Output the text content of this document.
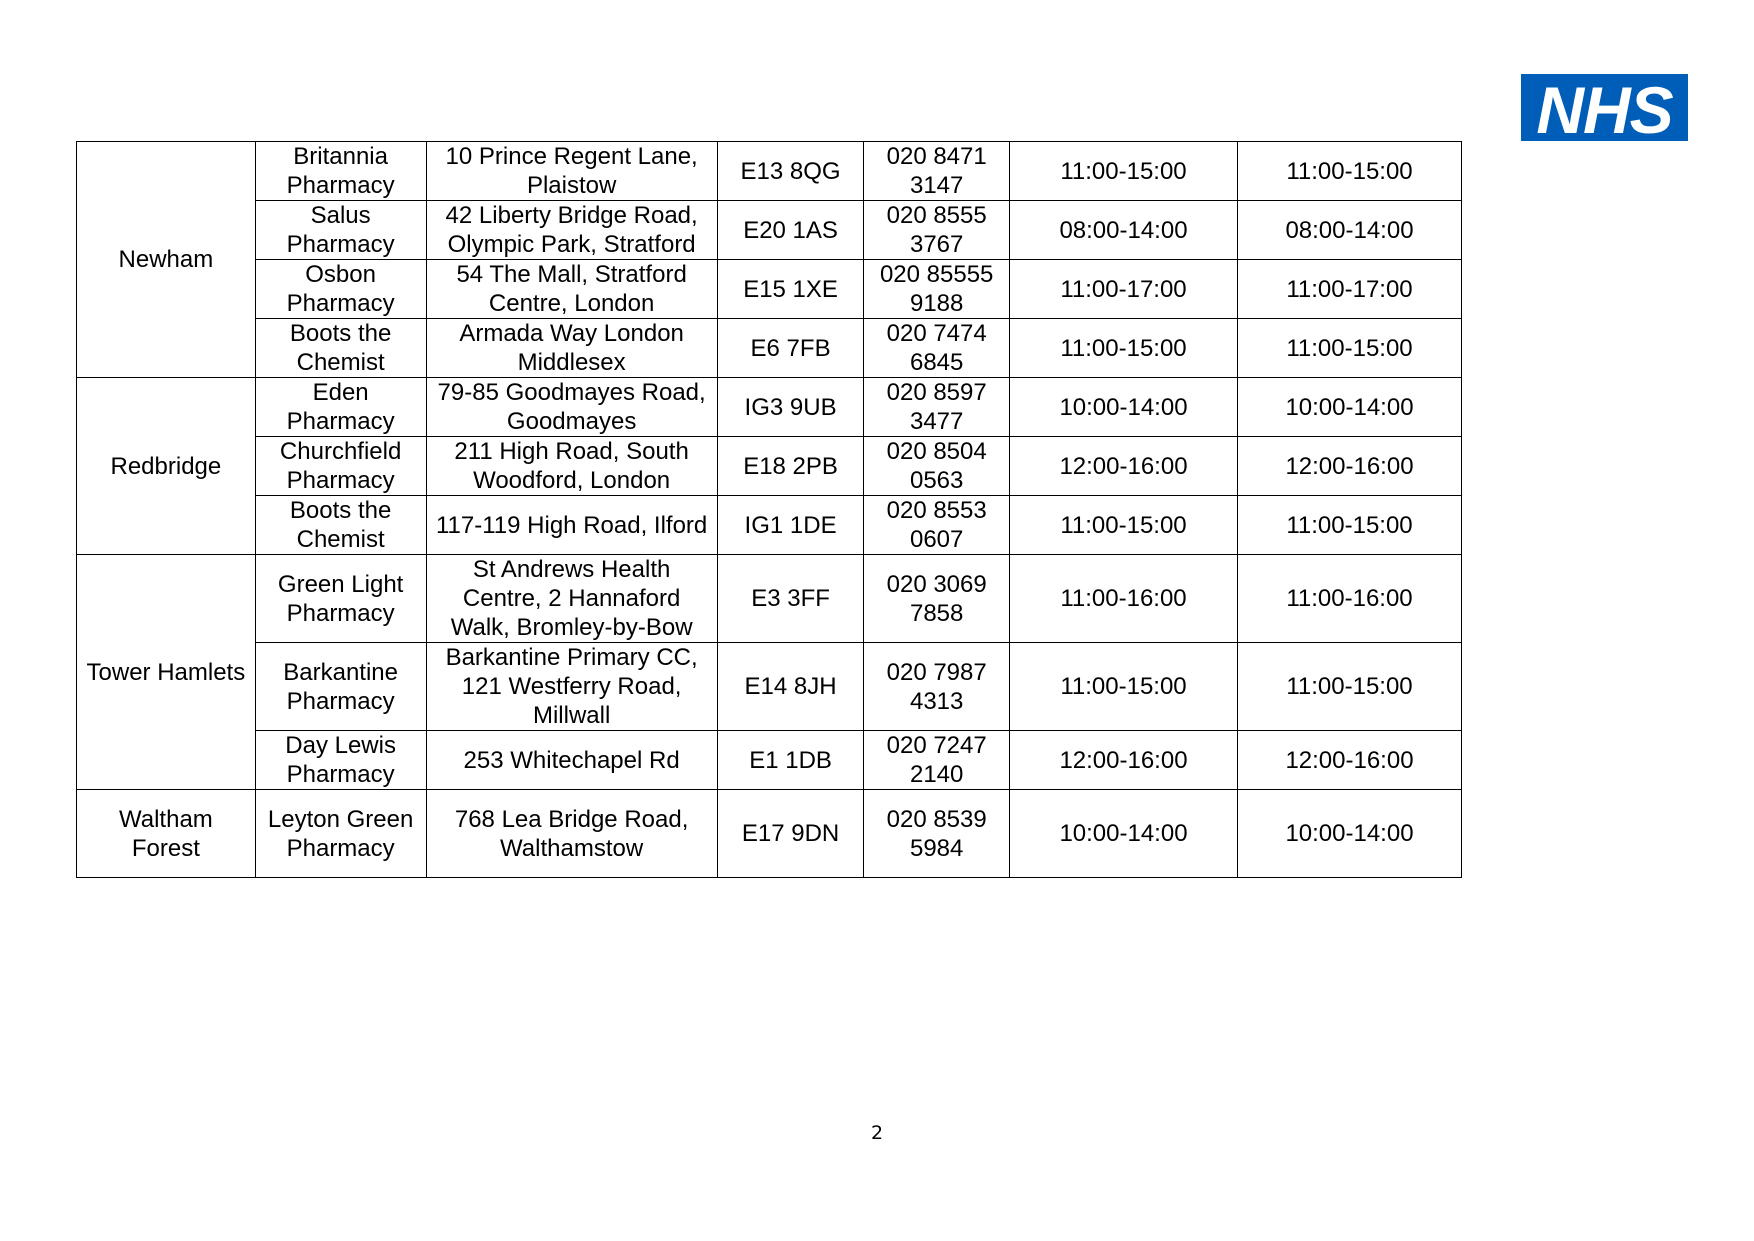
NHS
Newham	Britannia Pharmacy	10 Prince Regent Lane, Plaistow	E13 8QG	020 8471 3147	11:00-15:00	11:00-15:00
	Salus Pharmacy	42 Liberty Bridge Road, Olympic Park, Stratford	E20 1AS	020 8555 3767	08:00-14:00	08:00-14:00
	Osbon Pharmacy	54 The Mall, Stratford Centre, London	E15 1XE	020 85555 9188	11:00-17:00	11:00-17:00
	Boots the Chemist	Armada Way London Middlesex	E6 7FB	020 7474 6845	11:00-15:00	11:00-15:00
Redbridge	Eden Pharmacy	79-85 Goodmayes Road, Goodmayes	IG3 9UB	020 8597 3477	10:00-14:00	10:00-14:00
	Churchfield Pharmacy	211 High Road, South Woodford, London	E18 2PB	020 8504 0563	12:00-16:00	12:00-16:00
	Boots the Chemist	117-119 High Road, Ilford	IG1 1DE	020 8553 0607	11:00-15:00	11:00-15:00
Tower Hamlets	Green Light Pharmacy	St Andrews Health Centre, 2 Hannaford Walk, Bromley-by-Bow	E3 3FF	020 3069 7858	11:00-16:00	11:00-16:00
	Barkantine Pharmacy	Barkantine Primary CC, 121 Westferry Road, Millwall	E14 8JH	020 7987 4313	11:00-15:00	11:00-15:00
	Day Lewis Pharmacy	253 Whitechapel Rd	E1 1DB	020 7247 2140	12:00-16:00	12:00-16:00
Waltham Forest	Leyton Green Pharmacy	768 Lea Bridge Road, Walthamstow	E17 9DN	020 8539 5984	10:00-14:00	10:00-14:00
2
